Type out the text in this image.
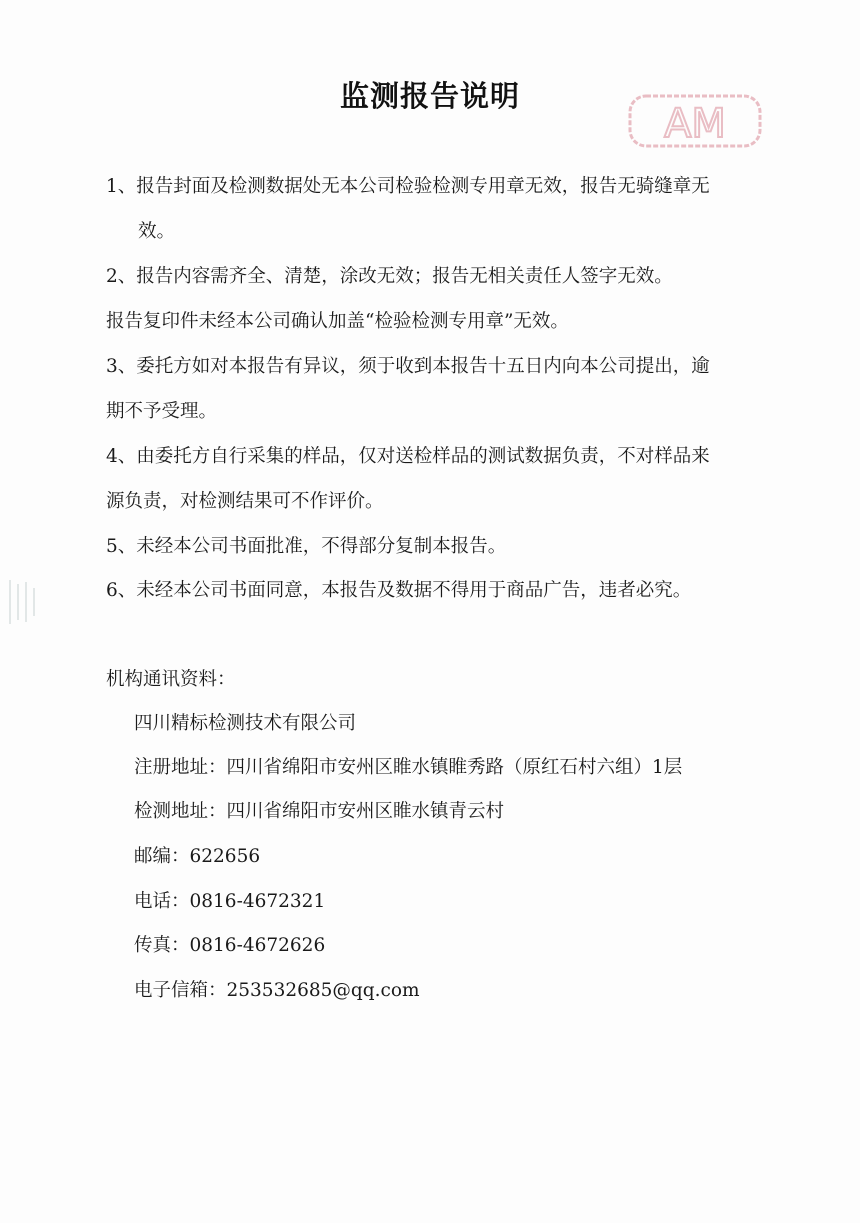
监测报告说明
AM
1、报告封面及检测数据处无本公司检验检测专用章无效，报告无骑缝章无
效。
2、报告内容需齐全、清楚，涂改无效；报告无相关责任人签字无效。
报告复印件未经本公司确认加盖“检验检测专用章”无效。
3、委托方如对本报告有异议，须于收到本报告十五日内向本公司提出，逾
期不予受理。
4、由委托方自行采集的样品，仅对送检样品的测试数据负责，不对样品来
源负责，对检测结果可不作评价。
5、未经本公司书面批准，不得部分复制本报告。
6、未经本公司书面同意，本报告及数据不得用于商品广告，违者必究。
机构通讯资料：
四川精标检测技术有限公司
注册地址：四川省绵阳市安州区睢水镇睢秀路（原红石村六组）1层
检测地址：四川省绵阳市安州区睢水镇青云村
邮编：622656
电话：0816-4672321
传真：0816-4672626
电子信箱：253532685@qq.com
